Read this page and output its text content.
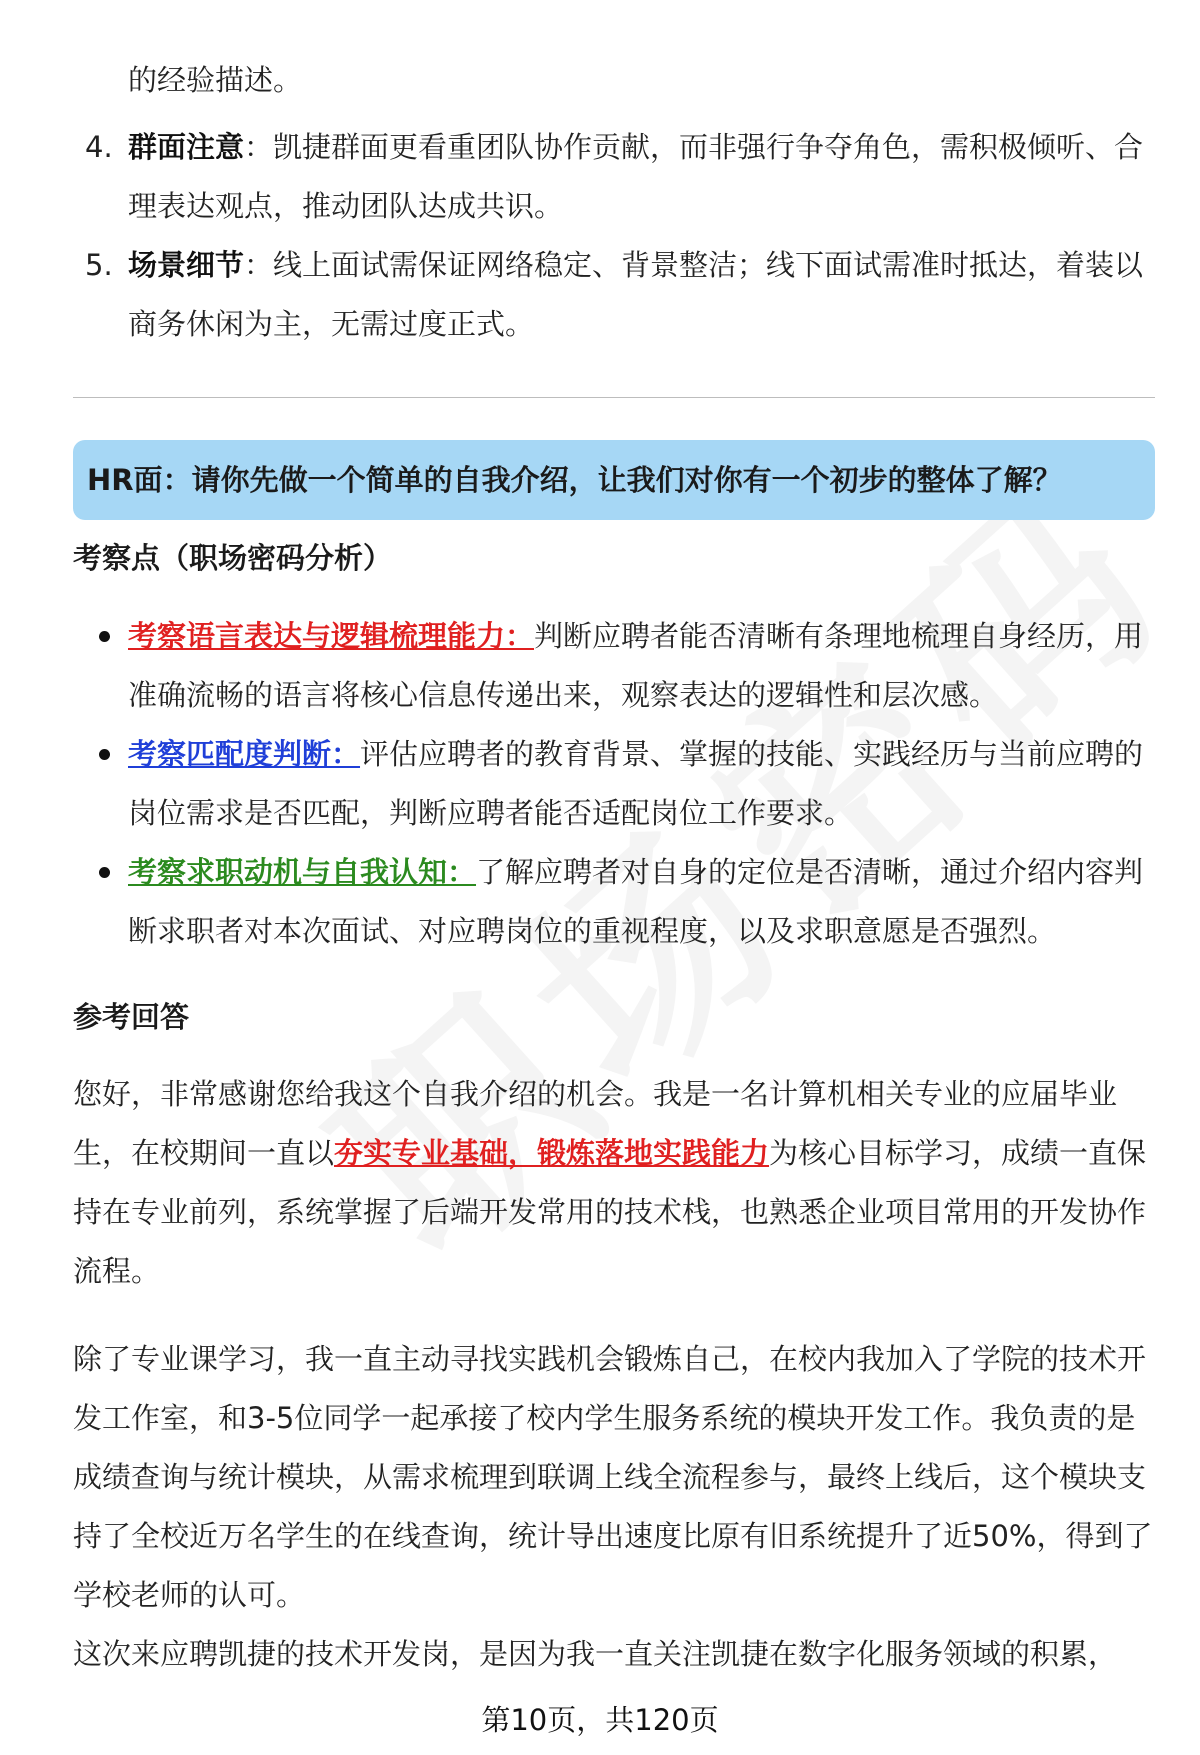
的经验描述。
4. 群面注意：凯捷群面更看重团队协作贡献，而非强行争夺角色，需积极倾听、合理表达观点，推动团队达成共识。
5. 场景细节：线上面试需保证网络稳定、背景整洁；线下面试需准时抵达，着装以商务休闲为主，无需过度正式。
HR面：请你先做一个简单的自我介绍，让我们对你有一个初步的整体了解？
考察点（职场密码分析）
考察语言表达与逻辑梳理能力：判断应聘者能否清晰有条理地梳理自身经历，用准确流畅的语言将核心信息传递出来，观察表达的逻辑性和层次感。
考察匹配度判断：评估应聘者的教育背景、掌握的技能、实践经历与当前应聘的岗位需求是否匹配，判断应聘者能否适配岗位工作要求。
考察求职动机与自我认知：了解应聘者对自身的定位是否清晰，通过介绍内容判断求职者对本次面试、对应聘岗位的重视程度，以及求职意愿是否强烈。
参考回答
您好，非常感谢您给我这个自我介绍的机会。我是一名计算机相关专业的应届毕业生，在校期间一直以夯实专业基础，锻炼落地实践能力为核心目标学习，成绩一直保持在专业前列，系统掌握了后端开发常用的技术栈，也熟悉企业项目常用的开发协作流程。
除了专业课学习，我一直主动寻找实践机会锻炼自己，在校内我加入了学院的技术开发工作室，和3-5位同学一起承接了校内学生服务系统的模块开发工作。我负责的是成绩查询与统计模块，从需求梳理到联调上线全流程参与，最终上线后，这个模块支持了全校近万名学生的在线查询，统计导出速度比原有旧系统提升了近50%，得到了学校老师的认可。
这次来应聘凯捷的技术开发岗，是因为我一直关注凯捷在数字化服务领域的积累，
第10页，共120页
